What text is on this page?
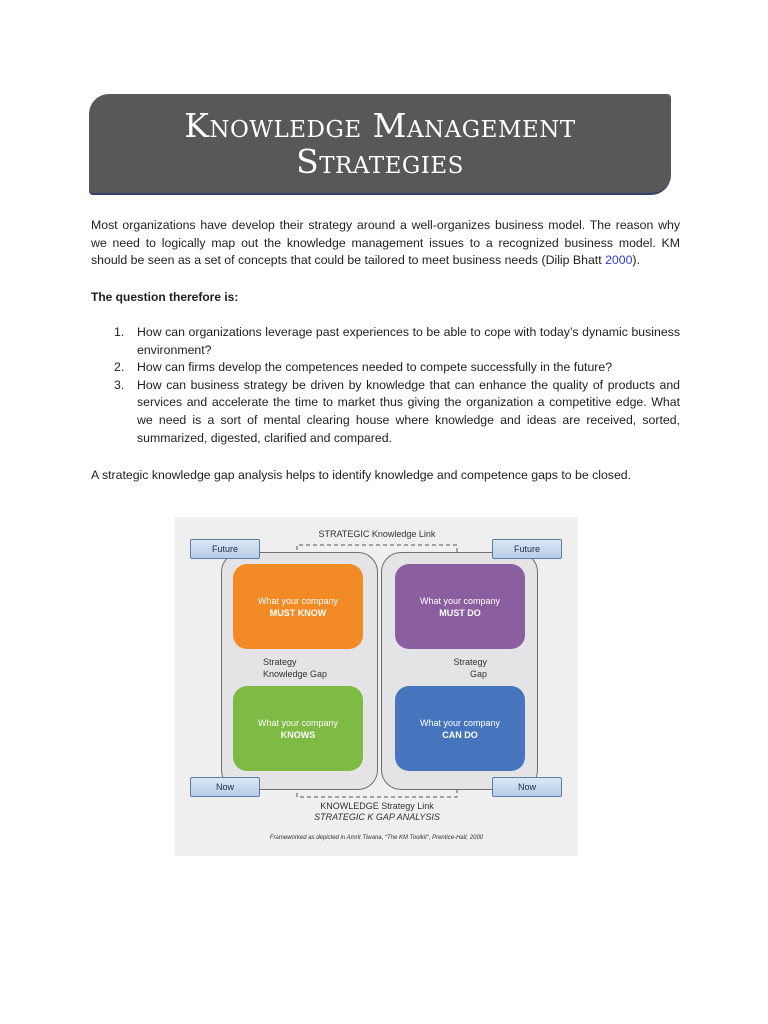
Knowledge Management
Strategies
Most organizations have develop their strategy around a well-organizes business model. The reason why we need to logically map out the knowledge management issues to a recognized business model. KM should be seen as a set of concepts that could be tailored to meet business needs (Dilip Bhatt 2000).
The question therefore is:
1. How can organizations leverage past experiences to be able to cope with today’s dynamic business environment?
2. How can firms develop the competences needed to compete successfully in the future?
3. How can business strategy be driven by knowledge that can enhance the quality of products and services and accelerate the time to market thus giving the organization a competitive edge. What we need is a sort of mental clearing house where knowledge and ideas are received, sorted, summarized, digested, clarified and compared.
A strategic knowledge gap analysis helps to identify knowledge and competence gaps to be closed.
Future	Future
Now	Now
STRATEGIC Knowledge Link
What your company
MUST KNOW
What your company
MUST DO
What your company
KNOWS
What your company
CAN DO
Strategy
Knowledge Gap
Strategy
Gap
KNOWLEDGE Strategy Link
STRATEGIC K GAP ANALYSIS
Frameworked as depicted in Amrit Tiwana, “The KM Toolkit”, Prentice-Hall, 2000
